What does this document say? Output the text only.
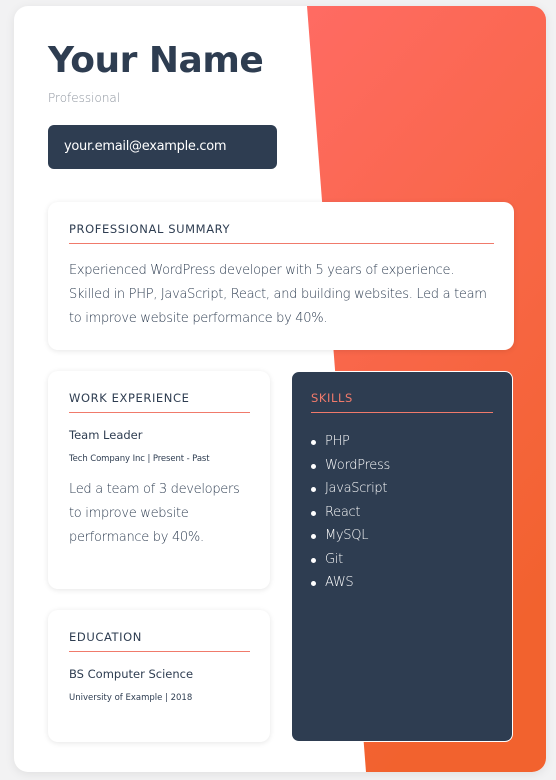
Your Name
Professional
your.email@example.com
PROFESSIONAL SUMMARY
Experienced WordPress developer with 5 years of experience. Skilled in PHP, JavaScript, React, and building websites. Led a team to improve website performance by 40%.
WORK EXPERIENCE
Team Leader
Tech Company Inc | Present - Past
Led a team of 3 developers to improve website performance by 40%.
EDUCATION
BS Computer Science
University of Example | 2018
SKILLS
PHP
WordPress
JavaScript
React
MySQL
Git
AWS
